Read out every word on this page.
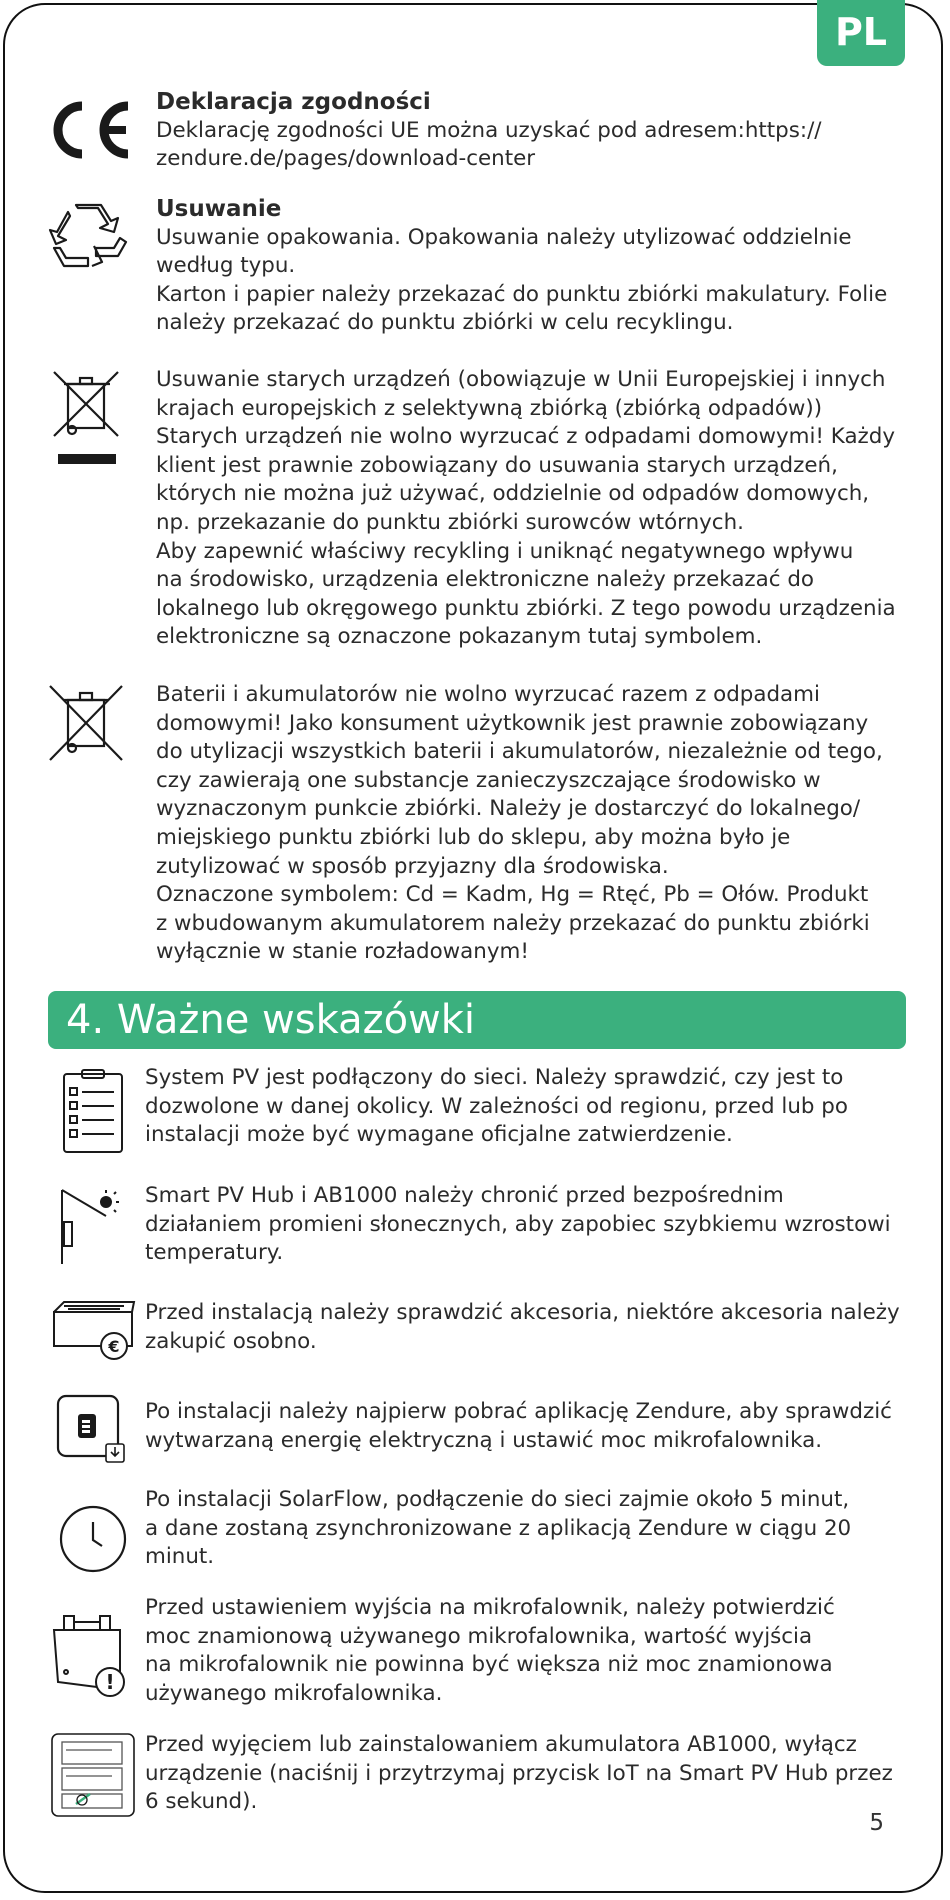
PL

Deklaracja zgodności

Deklarację zgodności UE można uzyskać pod adresem:https://

zendure.de/pages/download-center

Usuwanie

Usuwanie opakowania. Opakowania należy utylizować oddzielnie

według typu.

Karton i papier należy przekazać do punktu zbiórki makulatury. Folie

należy przekazać do punktu zbiórki w celu recyklingu.

Usuwanie starych urządzeń (obowiązuje w Unii Europejskiej i innych

krajach europejskich z selektywną zbiórką (zbiórką odpadów))

Starych urządzeń nie wolno wyrzucać z odpadami domowymi! Każdy

klient jest prawnie zobowiązany do usuwania starych urządzeń,

których nie można już używać, oddzielnie od odpadów domowych,

np. przekazanie do punktu zbiórki surowców wtórnych.

Aby zapewnić właściwy recykling i uniknąć negatywnego wpływu

na środowisko, urządzenia elektroniczne należy przekazać do

lokalnego lub okręgowego punktu zbiórki. Z tego powodu urządzenia

elektroniczne są oznaczone pokazanym tutaj symbolem.

Baterii i akumulatorów nie wolno wyrzucać razem z odpadami

domowymi! Jako konsument użytkownik jest prawnie zobowiązany

do utylizacji wszystkich baterii i akumulatorów, niezależnie od tego,

czy zawierają one substancje zanieczyszczające środowisko w

wyznaczonym punkcie zbiórki. Należy je dostarczyć do lokalnego/

miejskiego punktu zbiórki lub do sklepu, aby można było je

zutylizować w sposób przyjazny dla środowiska.

Oznaczone symbolem: Cd = Kadm, Hg = Rtęć, Pb = Ołów. Produkt

z wbudowanym akumulatorem należy przekazać do punktu zbiórki

wyłącznie w stanie rozładowanym!

4. Ważne wskazówki

System PV jest podłączony do sieci. Należy sprawdzić, czy jest to

dozwolone w danej okolicy. W zależności od regionu, przed lub po

instalacji może być wymagane oficjalne zatwierdzenie.

Smart PV Hub i AB1000 należy chronić przed bezpośrednim

działaniem promieni słonecznych, aby zapobiec szybkiemu wzrostowi

temperatury.

€

Przed instalacją należy sprawdzić akcesoria, niektóre akcesoria należy

zakupić osobno.

Po instalacji należy najpierw pobrać aplikację Zendure, aby sprawdzić

wytwarzaną energię elektryczną i ustawić moc mikrofalownika.

Po instalacji SolarFlow, podłączenie do sieci zajmie około 5 minut,

a dane zostaną zsynchronizowane z aplikacją Zendure w ciągu 20

minut.

!

Przed ustawieniem wyjścia na mikrofalownik, należy potwierdzić

moc znamionową używanego mikrofalownika, wartość wyjścia

na mikrofalownik nie powinna być większa niż moc znamionowa

używanego mikrofalownika.

Przed wyjęciem lub zainstalowaniem akumulatora AB1000, wyłącz

urządzenie (naciśnij i przytrzymaj przycisk IoT na Smart PV Hub przez

6 sekund).

5
